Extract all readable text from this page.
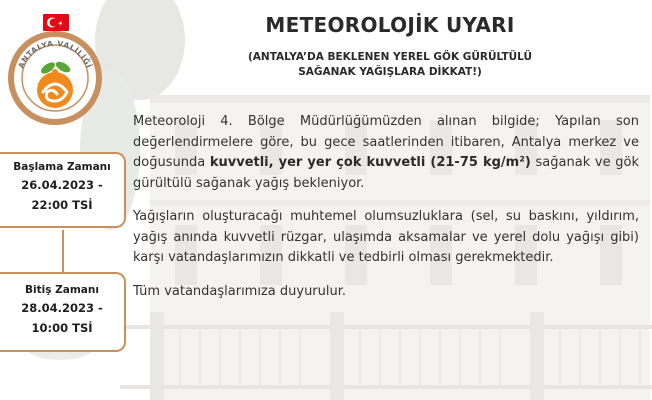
ANTALYA VALİLİĞİ
Başlama Zamanı
26.04.2023 -
22:00 TSİ
Bitiş Zamanı
28.04.2023 -
10:00 TSİ
METEOROLOJİK UYARI
(ANTALYA’DA BEKLENEN YEREL GÖK GÜRÜLTÜLÜ
SAĞANAK YAĞIŞLARA DİKKAT!)

Meteoroloji 4. Bölge Müdürlüğümüzden alınan bilgide; Yapılan son değerlendirmelere göre, bu gece saatlerinden itibaren, Antalya merkez ve doğusunda kuvvetli, yer yer çok kuvvetli (21-75 kg/m²) sağanak ve gök gürültülü sağanak yağış bekleniyor.

Yağışların oluşturacağı muhtemel olumsuzluklara (sel, su baskını, yıldırım, yağış anında kuvvetli rüzgar, ulaşımda aksamalar ve yerel dolu yağışı gibi) karşı vatandaşlarımızın dikkatli ve tedbirli olması gerekmektedir.

Tüm vatandaşlarımıza duyurulur.
